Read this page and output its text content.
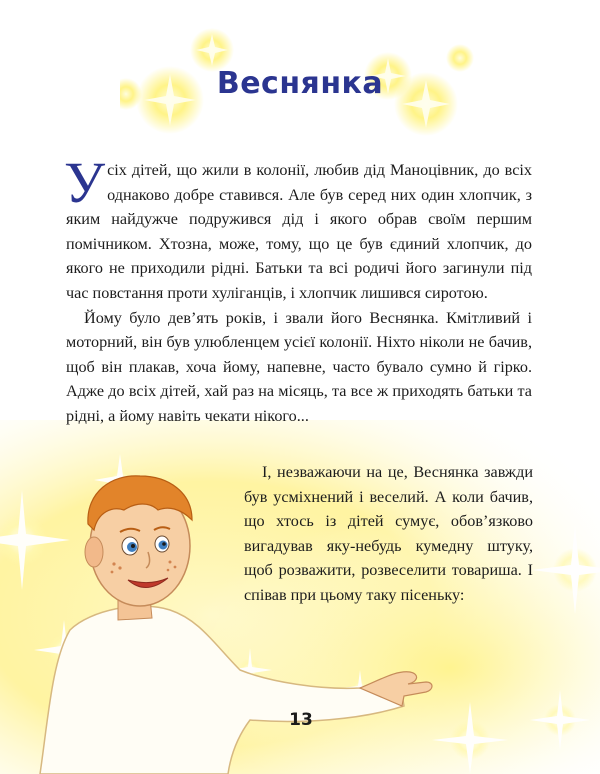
Веснянка

Усіх дітей, що жили в колонії, любив дід Маноцівник, до всіх однаково добре ставився. Але був серед них один хлопчик, з яким найдужче подружився дід і якого обрав своїм першим помічником. Хтозна, може, тому, що це був єдиний хлопчик, до якого не приходили рідні. Батьки та всі родичі його загинули під час повстання проти хуліганців, і хлопчик лишився сиротою.

Йому було дев’ять років, і звали його Веснянка. Кмітливий і моторний, він був улюбленцем усієї колонії. Ніхто ніколи не бачив, щоб він плакав, хоча йому, напевне, часто бувало сумно й гірко. Адже до всіх дітей, хай раз на місяць, та все ж приходять батьки та рідні, а йому навіть чекати нікого...

І, незважаючи на це, Веснянка завжди був усміхнений і веселий. А коли бачив, що хтось із дітей сумує, обов’язково вигадував яку-небудь кумедну штуку, щоб розважити, розвеселити товариша. І співав при цьому таку пісеньку:

13
